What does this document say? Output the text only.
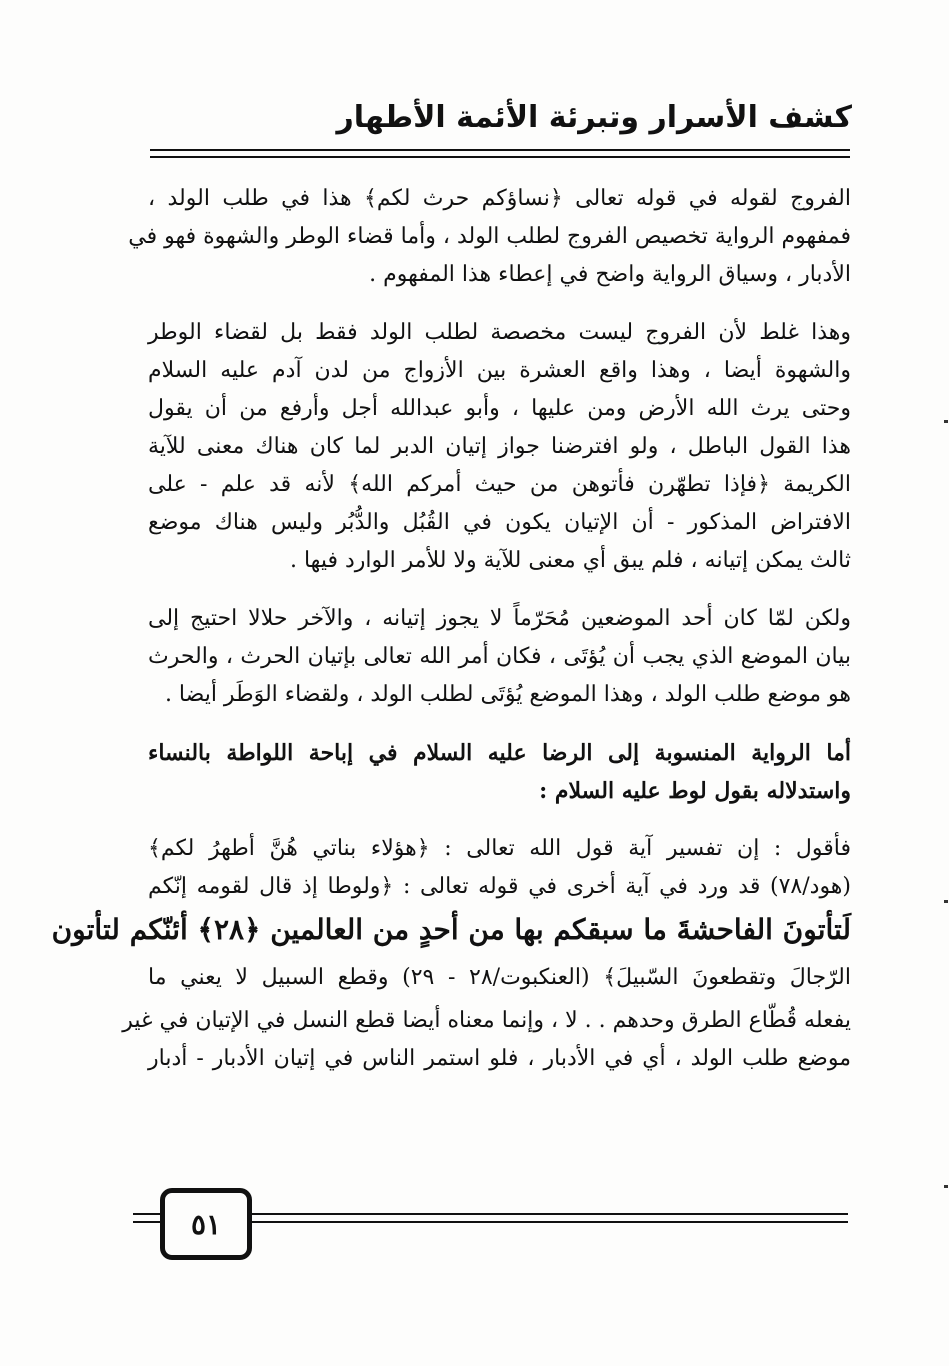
كشف الأسرار وتبرئة الأئمة الأطهار
الفروج لقوله في قوله تعالى ﴿نساؤكم حرث لكم﴾ هذا في طلب الولد ،
فمفهوم الرواية تخصيص الفروج لطلب الولد ، وأما قضاء الوطر والشهوة فهو في
الأدبار ، وسياق الرواية واضح في إعطاء هذا المفهوم .
وهذا غلط لأن الفروج ليست مخصصة لطلب الولد فقط بل لقضاء الوطر
والشهوة أيضا ، وهذا واقع العشرة بين الأزواج من لدن آدم عليه السلام
وحتى يرث الله الأرض ومن عليها ، وأبو عبدالله أجل وأرفع من أن يقول
هذا القول الباطل ، ولو افترضنا جواز إتيان الدبر لما كان هناك معنى للآية
الكريمة ﴿فإذا تطهّرن فأتوهن من حيث أمركم الله﴾ لأنه قد علم - على
الافتراض المذكور - أن الإتيان يكون في القُبُل والدُّبُر وليس هناك موضع
ثالث يمكن إتيانه ، فلم يبق أي معنى للآية ولا للأمر الوارد فيها .
ولكن لمّا كان أحد الموضعين مُحَرّماً لا يجوز إتيانه ، والآخر حلالا احتيج إلى
بيان الموضع الذي يجب أن يُؤتَى ، فكان أمر الله تعالى بإتيان الحرث ، والحرث
هو موضع طلب الولد ، وهذا الموضع يُؤتَى لطلب الولد ، ولقضاء الوَطَر أيضا .
أما الرواية المنسوبة إلى الرضا عليه السلام في إباحة اللواطة بالنساء
واستدلاله بقول لوط عليه السلام :
فأقول : إن تفسير آية قول الله تعالى : ﴿هؤلاء بناتي هُنَّ أطهرُ لكم﴾
(هود/٧٨) قد ورد في آية أخرى في قوله تعالى : ﴿ولوطا إذ قال لقومه إنّكم
لَتأتونَ الفاحشةَ ما سبقكم بها من أحدٍ من العالمين ﴿٢٨﴾ أئنّكم لتأتون
الرّجالَ وتقطعونَ السّبيلَ﴾ (العنكبوت/٢٨ - ٢٩) وقطع السبيل لا يعني ما
يفعله قُطّاع الطرق وحدهم . . لا ، وإنما معناه أيضا قطع النسل في الإتيان في غير
موضع طلب الولد ، أي في الأدبار ، فلو استمر الناس في إتيان الأدبار - أدبار
٥١
